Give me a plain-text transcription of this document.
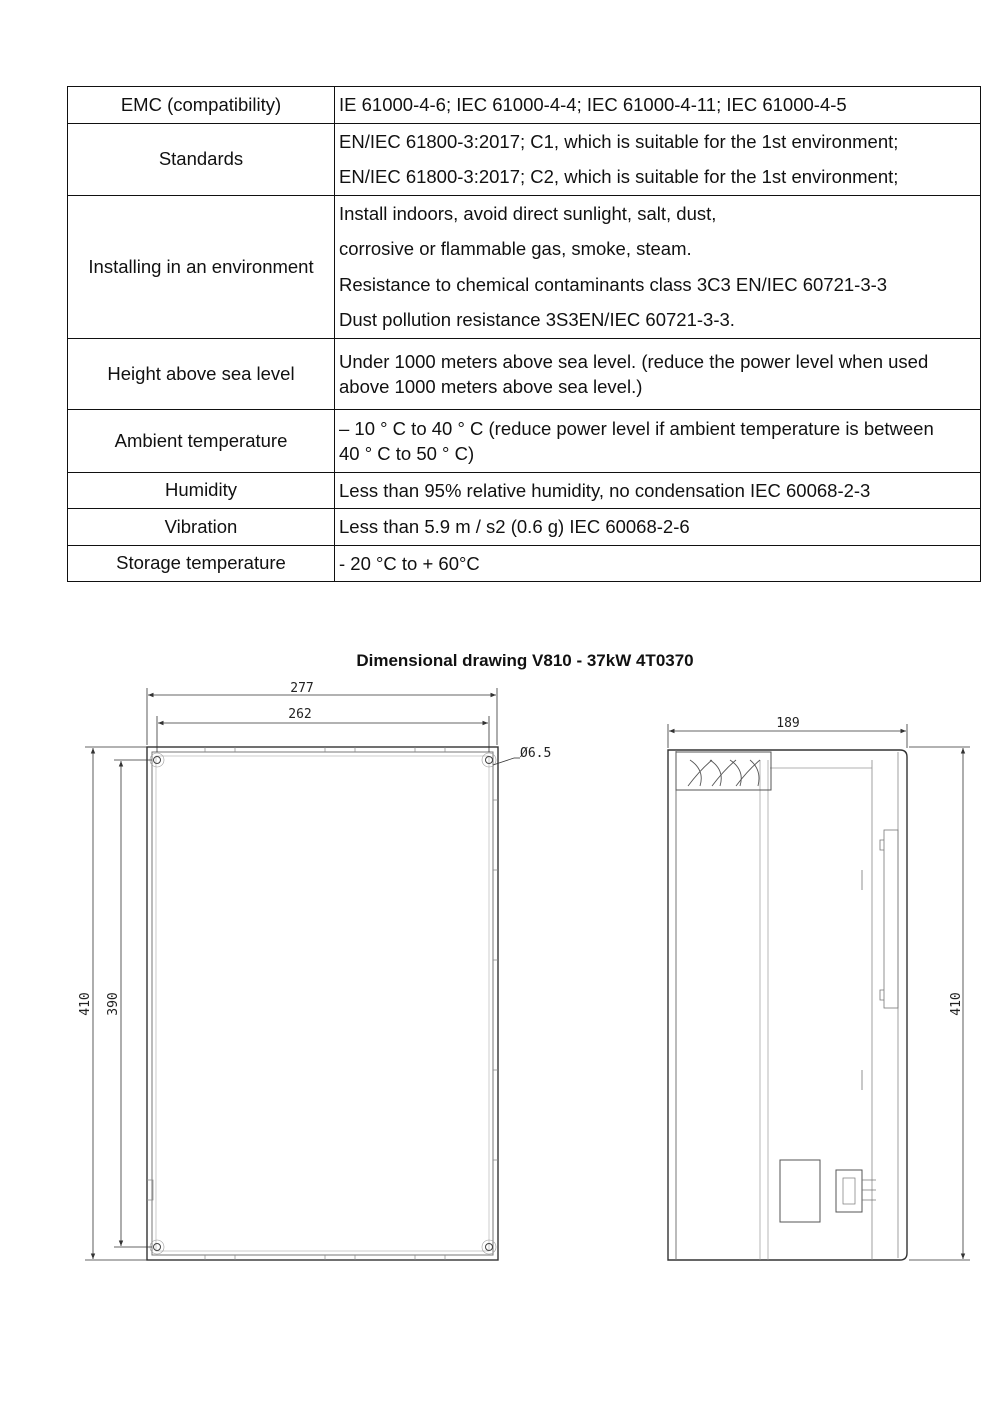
EMC (compatibility)	IE 61000-4-6; IEC 61000-4-4; IEC 61000-4-11; IEC 61000-4-5

Standards	EN/IEC 61800-3:2017; C1, which is suitable for the 1st environment;
EN/IEC 61800-3:2017; C2, which is suitable for the 1st environment;

Installing in an environment	Install indoors, avoid direct sunlight, salt, dust,
corrosive or flammable gas, smoke, steam.
Resistance to chemical contaminants class 3C3 EN/IEC 60721-3-3
Dust pollution resistance 3S3EN/IEC 60721-3-3.

Height above sea level	Under 1000 meters above sea level. (reduce the power level when used
above 1000 meters above sea level.)

Ambient temperature	– 10 ° C to 40 ° C (reduce power level if ambient temperature is between
40 ° C to 50 ° C)

Humidity	Less than 95% relative humidity, no condensation IEC 60068-2-3

Vibration	Less than 5.9 m / s2 (0.6 g) IEC 60068-2-6

Storage temperature	- 20 °C to + 60°C
Dimensional drawing V810 - 37kW 4T0370
277
262
Ø6.5
410 390
189
410
